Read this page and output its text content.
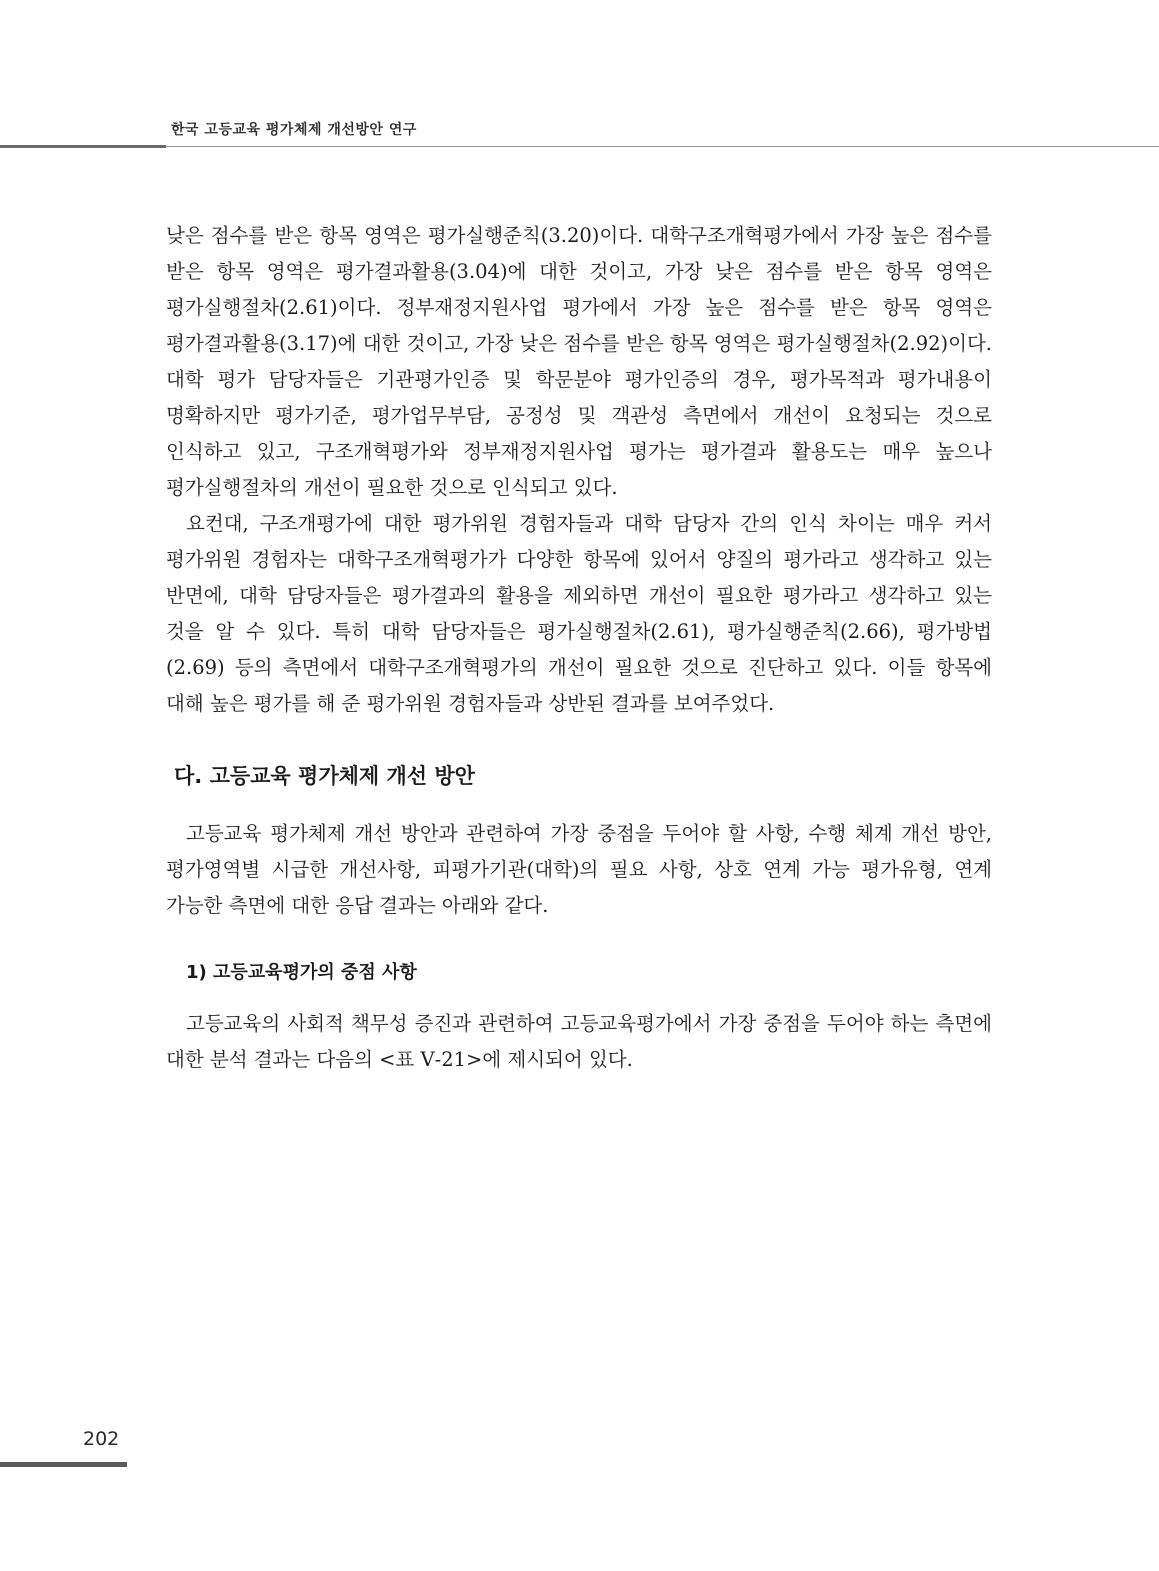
한국 고등교육 평가체제 개선방안 연구

낮은 점수를 받은 항목 영역은 평가실행준칙(3.20)이다. 대학구조개혁평가에서 가장 높은 점수를 받은 항목 영역은 평가결과활용(3.04)에 대한 것이고, 가장 낮은 점수를 받은 항목 영역은 평가실행절차(2.61)이다. 정부재정지원사업 평가에서 가장 높은 점수를 받은 항목 영역은 평가결과활용(3.17)에 대한 것이고, 가장 낮은 점수를 받은 항목 영역은 평가실행절차(2.92)이다. 대학 평가 담당자들은 기관평가인증 및 학문분야 평가인증의 경우, 평가목적과 평가내용이 명확하지만 평가기준, 평가업무부담, 공정성 및 객관성 측면에서 개선이 요청되는 것으로 인식하고 있고, 구조개혁평가와 정부재정지원사업 평가는 평가결과 활용도는 매우 높으나 평가실행절차의 개선이 필요한 것으로 인식되고 있다.

요컨대, 구조개평가에 대한 평가위원 경험자들과 대학 담당자 간의 인식 차이는 매우 커서 평가위원 경험자는 대학구조개혁평가가 다양한 항목에 있어서 양질의 평가라고 생각하고 있는 반면에, 대학 담당자들은 평가결과의 활용을 제외하면 개선이 필요한 평가라고 생각하고 있는 것을 알 수 있다. 특히 대학 담당자들은 평가실행절차(2.61), 평가실행준칙(2.66), 평가방법(2.69) 등의 측면에서 대학구조개혁평가의 개선이 필요한 것으로 진단하고 있다. 이들 항목에 대해 높은 평가를 해 준 평가위원 경험자들과 상반된 결과를 보여주었다.

다. 고등교육 평가체제 개선 방안

고등교육 평가체제 개선 방안과 관련하여 가장 중점을 두어야 할 사항, 수행 체계 개선 방안, 평가영역별 시급한 개선사항, 피평가기관(대학)의 필요 사항, 상호 연계 가능 평가유형, 연계 가능한 측면에 대한 응답 결과는 아래와 같다.

1) 고등교육평가의 중점 사항

고등교육의 사회적 책무성 증진과 관련하여 고등교육평가에서 가장 중점을 두어야 하는 측면에 대한 분석 결과는 다음의 <표 Ⅴ-21>에 제시되어 있다.

202
